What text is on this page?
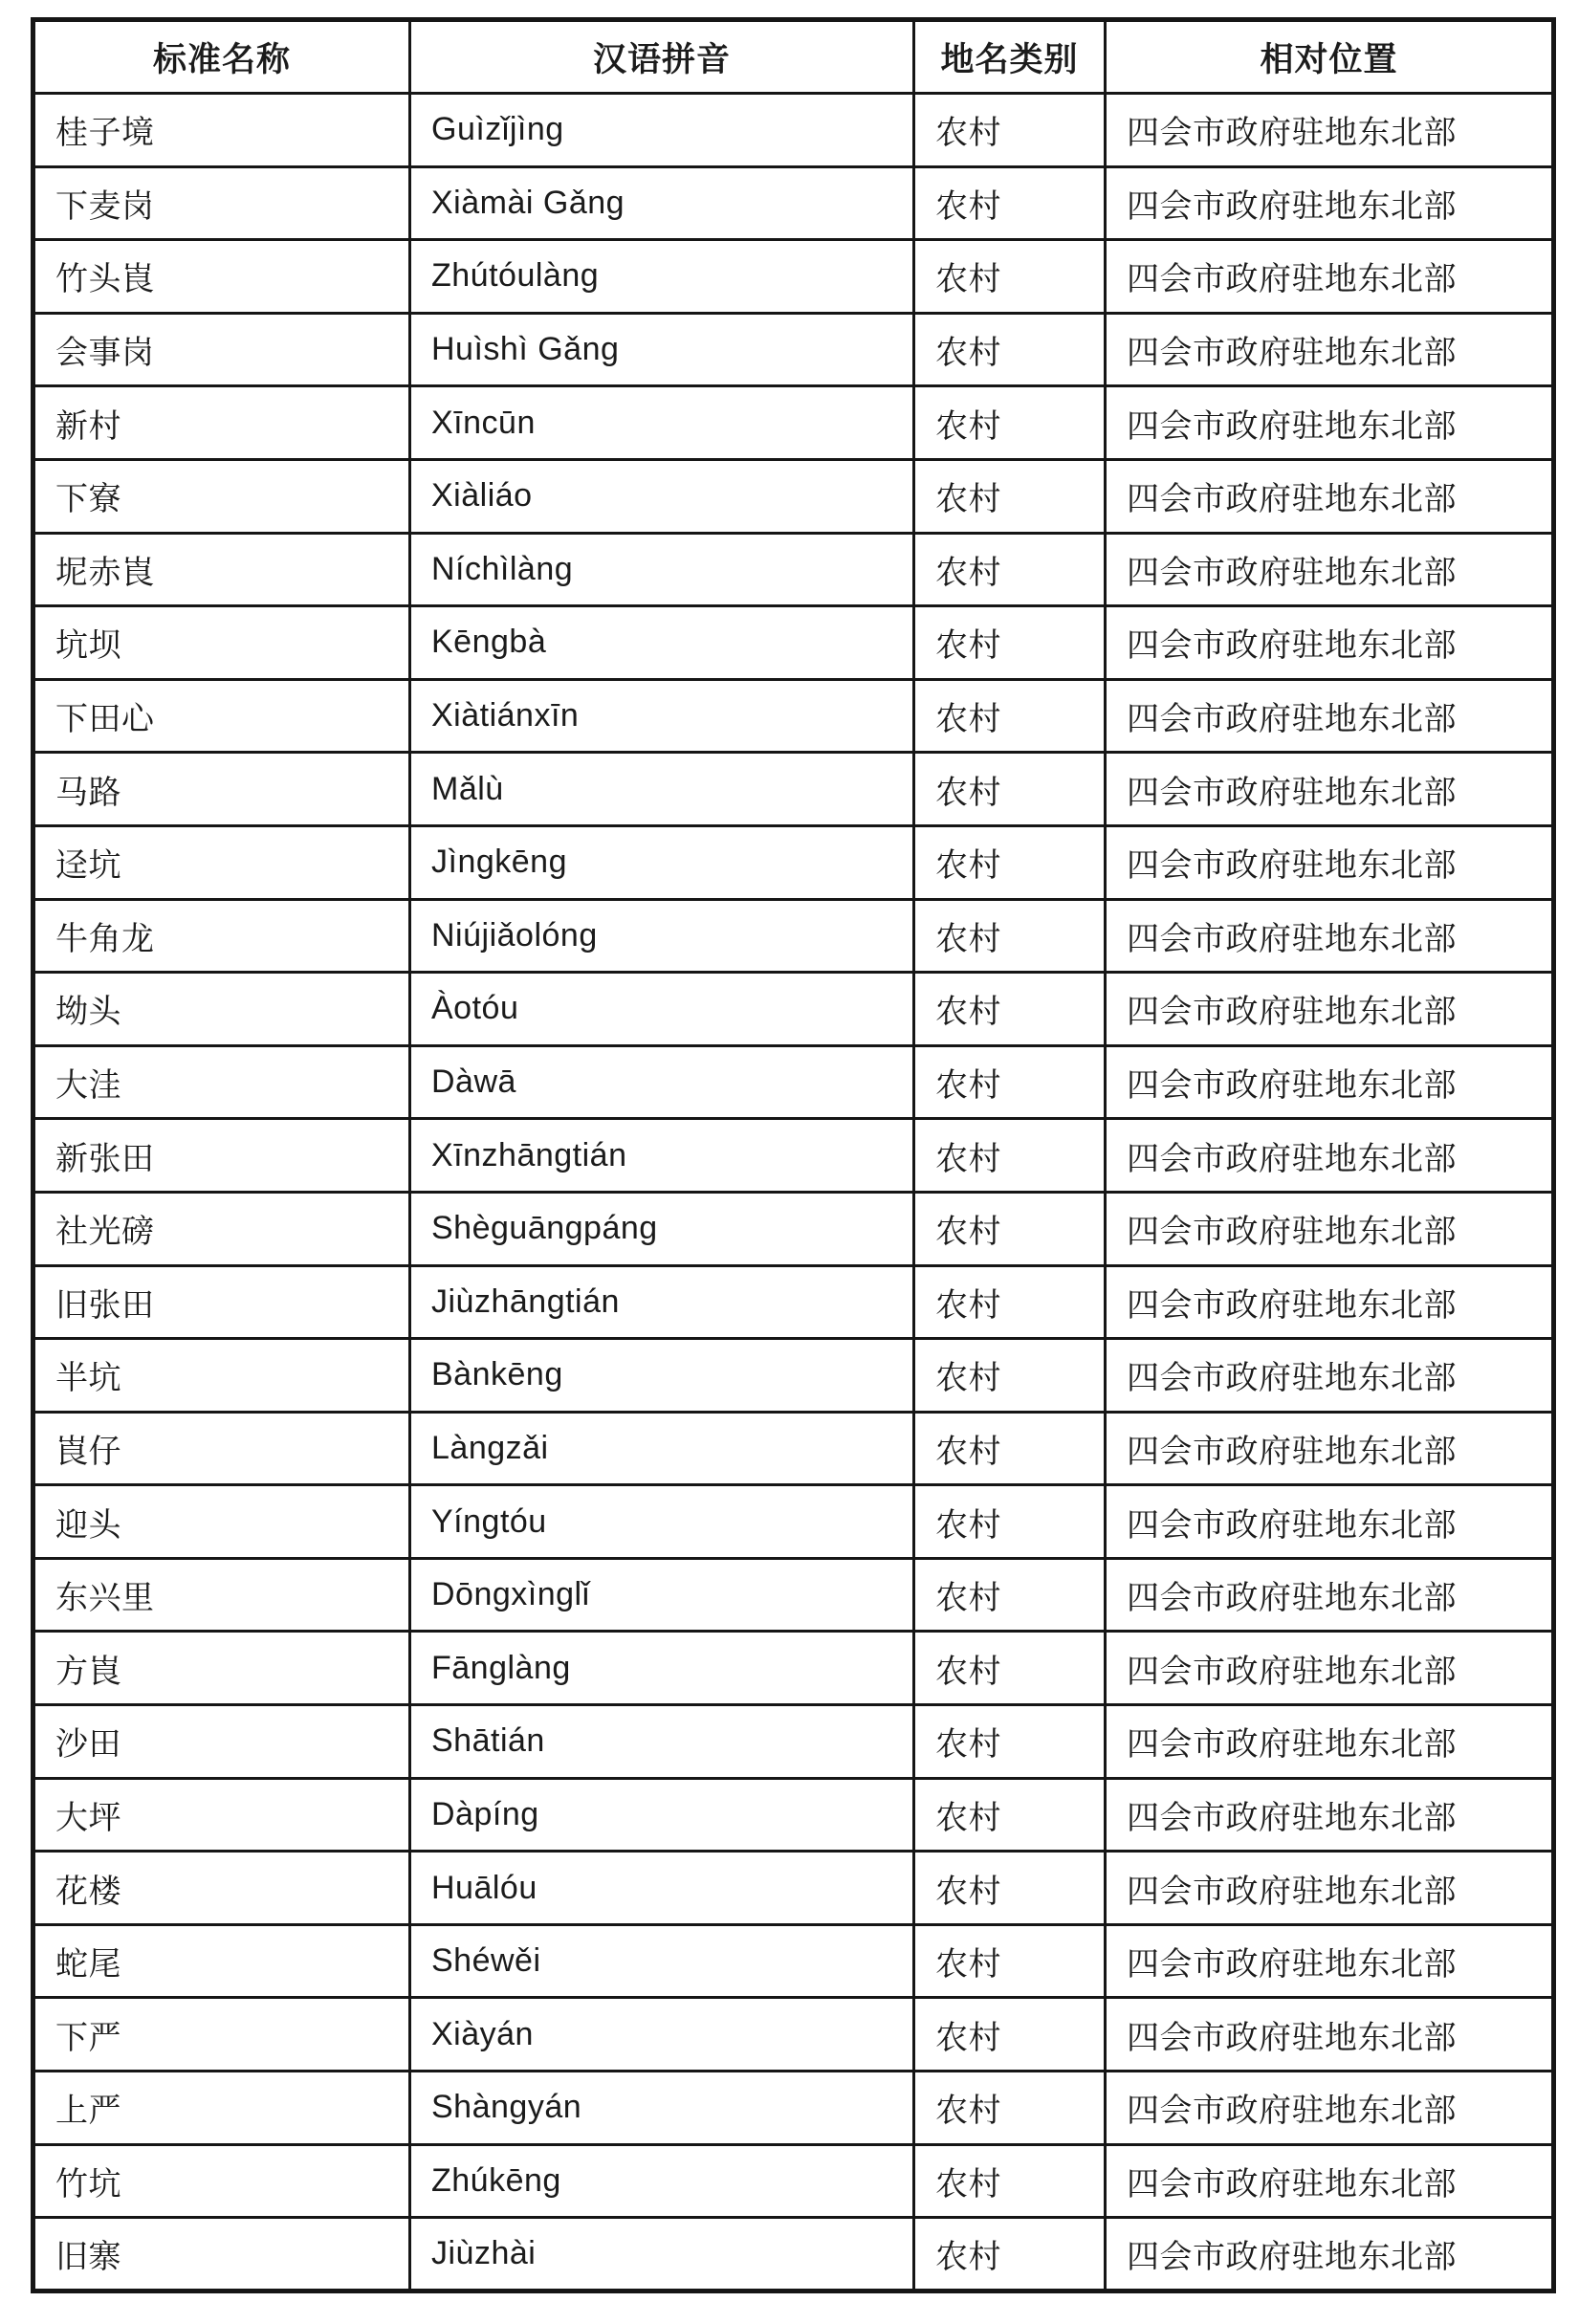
标准名称	汉语拼音	地名类别	相对位置
桂子境	Guìzǐjìng	农村	四会市政府驻地东北部
下麦岗	Xiàmài Gǎng	农村	四会市政府驻地东北部
竹头崀	Zhútóulàng	农村	四会市政府驻地东北部
会事岗	Huìshì Gǎng	农村	四会市政府驻地东北部
新村	Xīncūn	农村	四会市政府驻地东北部
下寮	Xiàliáo	农村	四会市政府驻地东北部
坭赤崀	Níchìlàng	农村	四会市政府驻地东北部
坑坝	Kēngbà	农村	四会市政府驻地东北部
下田心	Xiàtiánxīn	农村	四会市政府驻地东北部
马路	Mǎlù	农村	四会市政府驻地东北部
迳坑	Jìngkēng	农村	四会市政府驻地东北部
牛角龙	Niújiǎolóng	农村	四会市政府驻地东北部
坳头	Àotóu	农村	四会市政府驻地东北部
大洼	Dàwā	农村	四会市政府驻地东北部
新张田	Xīnzhāngtián	农村	四会市政府驻地东北部
社光磅	Shèguāngpáng	农村	四会市政府驻地东北部
旧张田	Jiùzhāngtián	农村	四会市政府驻地东北部
半坑	Bànkēng	农村	四会市政府驻地东北部
崀仔	Làngzǎi	农村	四会市政府驻地东北部
迎头	Yíngtóu	农村	四会市政府驻地东北部
东兴里	Dōngxìnglǐ	农村	四会市政府驻地东北部
方崀	Fānglàng	农村	四会市政府驻地东北部
沙田	Shātián	农村	四会市政府驻地东北部
大坪	Dàpíng	农村	四会市政府驻地东北部
花楼	Huālóu	农村	四会市政府驻地东北部
蛇尾	Shéwěi	农村	四会市政府驻地东北部
下严	Xiàyán	农村	四会市政府驻地东北部
上严	Shàngyán	农村	四会市政府驻地东北部
竹坑	Zhúkēng	农村	四会市政府驻地东北部
旧寨	Jiùzhài	农村	四会市政府驻地东北部
